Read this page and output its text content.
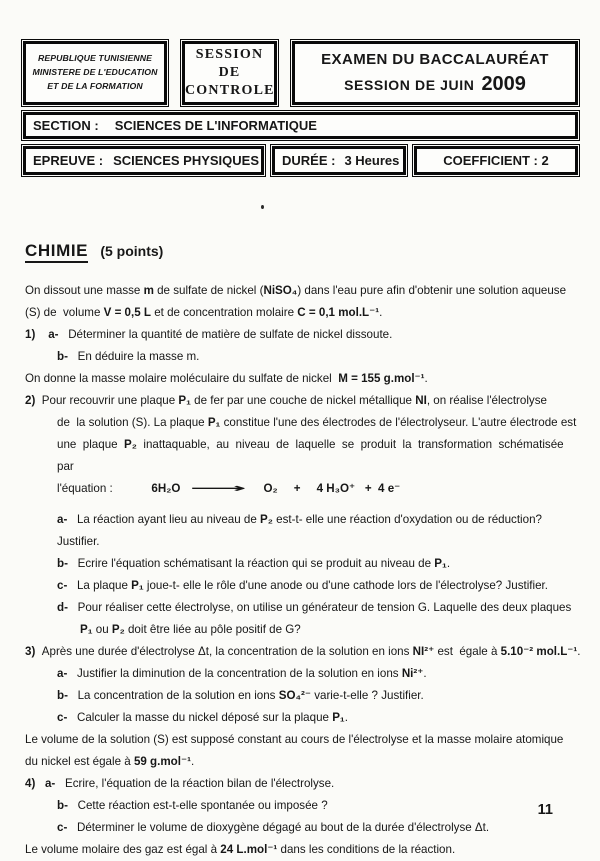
REPUBLIQUE TUNISIENNE
MINISTERE DE L'EDUCATION
ET DE LA FORMATION
SESSION
DE
CONTROLE
EXAMEN DU BACCALAURÉAT
SESSION DE JUIN 2009
SECTION : SCIENCES DE L'INFORMATIQUE
EPREUVE : SCIENCES PHYSIQUES DURÉE : 3 Heures	COEFFICIENT : 2
CHIMIE (5 points)
On dissout une masse m de sulfate de nickel (NiSO₄) dans l'eau pure afin d'obtenir une solution aqueuse
(S) de  volume V = 0,5 L et de concentration molaire C = 0,1 mol.L⁻¹.
1)    a-   Déterminer la quantité de matière de sulfate de nickel dissoute.
b-   En déduire la masse m.
On donne la masse molaire moléculaire du sulfate de nickel  M = 155 g.mol⁻¹.
2)  Pour recouvrir une plaque P₁ de fer par une couche de nickel métallique NI, on réalise l'électrolyse
de  la solution (S). La plaque P₁ constitue l'une des électrodes de l'électrolyseur. L'autre électrode est
une  plaque  P₂  inattaquable,  au  niveau  de  laquelle  se  produit  la  transformation  schématisée  par
l'équation :	6H₂O ⟶ O₂     +     4 H₃O⁺   +  4 e⁻
a-   La réaction ayant lieu au niveau de P₂ est-t- elle une réaction d'oxydation ou de réduction? Justifier.
b-   Ecrire l'équation schématisant la réaction qui se produit au niveau de P₁.
c-   La plaque P₁ joue-t- elle le rôle d'une anode ou d'une cathode lors de l'électrolyse? Justifier.
d-   Pour réaliser cette électrolyse, on utilise un générateur de tension G. Laquelle des deux plaques
P₁ ou P₂ doit être liée au pôle positif de G?
3)  Après une durée d'électrolyse Δt, la concentration de la solution en ions NI²⁺ est  égale à 5.10⁻² mol.L⁻¹.
a-   Justifier la diminution de la concentration de la solution en ions Ni²⁺.
b-   La concentration de la solution en ions SO₄²⁻ varie-t-elle ? Justifier.
c-   Calculer la masse du nickel déposé sur la plaque P₁.
Le volume de la solution (S) est supposé constant au cours de l'électrolyse et la masse molaire atomique
du nickel est égale à 59 g.mol⁻¹.
4)   a-   Ecrire, l'équation de la réaction bilan de l'électrolyse.
b-   Cette réaction est-t-elle spontanée ou imposée ?
c-   Déterminer le volume de dioxygène dégagé au bout de la durée d'électrolyse Δt.
Le volume molaire des gaz est égal à 24 L.mol⁻¹ dans les conditions de la réaction.
11
